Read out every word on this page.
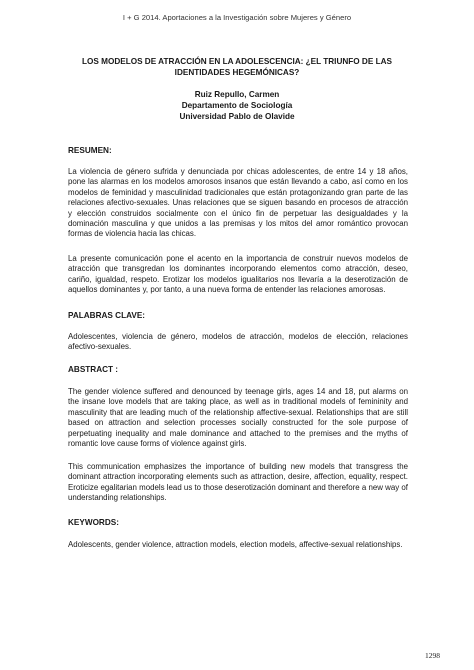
I + G 2014. Aportaciones a la Investigación sobre Mujeres y Género
LOS MODELOS DE ATRACCIÓN EN LA ADOLESCENCIA: ¿EL TRIUNFO DE LAS
IDENTIDADES HEGEMÓNICAS?
Ruiz Repullo, Carmen
Departamento de Sociología
Universidad Pablo de Olavide
RESUMEN:
La violencia de género sufrida y denunciada por chicas adolescentes, de entre 14 y 18 años, pone las alarmas en los modelos amorosos insanos que están llevando a cabo, así como en los modelos de feminidad y masculinidad tradicionales que están protagonizando gran parte de las relaciones afectivo-sexuales. Unas relaciones que se siguen basando en procesos de atracción y elección construidos socialmente con el único fin de perpetuar las desigualdades y la dominación masculina y que unidos a las premisas y los mitos del amor romántico provocan formas de violencia hacia las chicas.
La presente comunicación pone el acento en la importancia de construir nuevos modelos de atracción que transgredan los dominantes incorporando elementos como atracción, deseo, cariño, igualdad, respeto. Erotizar los modelos igualitarios nos llevaría a la deserotización de aquellos dominantes y, por tanto, a una nueva forma de entender las relaciones amorosas.
PALABRAS CLAVE:
Adolescentes, violencia de género, modelos de atracción, modelos de elección, relaciones afectivo-sexuales.
ABSTRACT :
The gender violence suffered and denounced by teenage girls, ages 14 and 18, put alarms on the insane love models that are taking place, as well as in traditional models of femininity and masculinity that are leading much of the relationship affective-sexual. Relationships that are still based on attraction and selection processes socially constructed for the sole purpose of perpetuating inequality and male dominance and attached to the premises and the myths of romantic love cause forms of violence against girls.
This communication emphasizes the importance of building new models that transgress the dominant attraction incorporating elements such as attraction, desire, affection, equality, respect. Eroticize egalitarian models lead us to those deserotización dominant and therefore a new way of understanding relationships.
KEYWORDS:
Adolescents, gender violence, attraction models, election models, affective-sexual relationships.
1298
